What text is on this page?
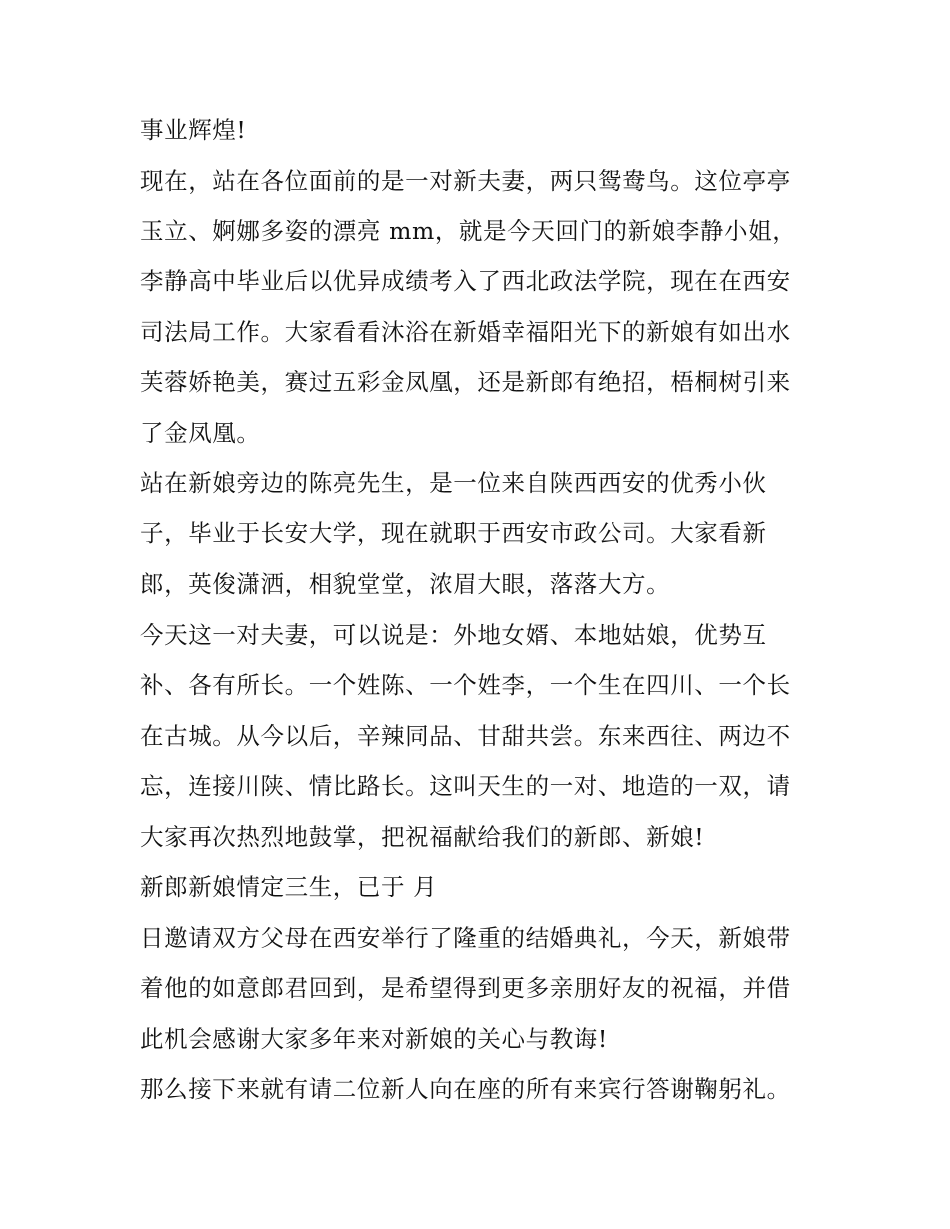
事业辉煌!
现在，站在各位面前的是一对新夫妻，两只鸳鸯鸟。这位亭亭
玉立、婀娜多姿的漂亮 mm，就是今天回门的新娘李静小姐，
李静高中毕业后以优异成绩考入了西北政法学院，现在在西安
司法局工作。大家看看沐浴在新婚幸福阳光下的新娘有如出水
芙蓉娇艳美，赛过五彩金凤凰，还是新郎有绝招，梧桐树引来
了金凤凰。
站在新娘旁边的陈亮先生，是一位来自陕西西安的优秀小伙
子，毕业于长安大学，现在就职于西安市政公司。大家看新
郎，英俊潇洒，相貌堂堂，浓眉大眼，落落大方。
今天这一对夫妻，可以说是：外地女婿、本地姑娘，优势互
补、各有所长。一个姓陈、一个姓李，一个生在四川、一个长
在古城。从今以后，辛辣同品、甘甜共尝。东来西往、两边不
忘，连接川陕、情比路长。这叫天生的一对、地造的一双，请
大家再次热烈地鼓掌，把祝福献给我们的新郎、新娘!
新郎新娘情定三生，已于 月
日邀请双方父母在西安举行了隆重的结婚典礼，今天，新娘带
着他的如意郎君回到，是希望得到更多亲朋好友的祝福，并借
此机会感谢大家多年来对新娘的关心与教诲!
那么接下来就有请二位新人向在座的所有来宾行答谢鞠躬礼。
